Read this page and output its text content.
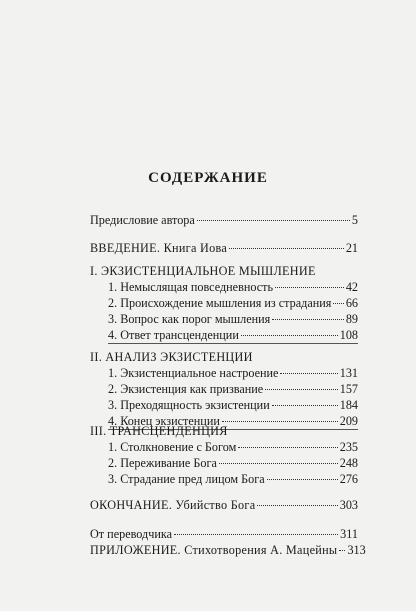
СОДЕРЖАНИЕ
Предисловие автора	5
ВВЕДЕНИЕ. Книга Иова	21
I. ЭКЗИСТЕНЦИАЛЬНОЕ МЫШЛЕНИЕ
1. Немыслящая повседневность	42
2. Происхождение мышления из страдания 66
3. Вопрос как порог мышления	89
4. Ответ трансценденции	108
II. АНАЛИЗ ЭКЗИСТЕНЦИИ
1. Экзистенциальное настроение	131
2. Экзистенция как призвание	157
3. Преходящность экзистенции	184
4. Конец экзистенции	209
III. ТРАНСЦЕНДЕНЦИЯ
1. Столкновение с Богом	235
2. Переживание Бога	248
3. Страдание пред лицом Бога	276
ОКОНЧАНИЕ. Убийство Бога	303
От переводчика	311
ПРИЛОЖЕНИЕ. Стихотворения А. Мацейны 313
